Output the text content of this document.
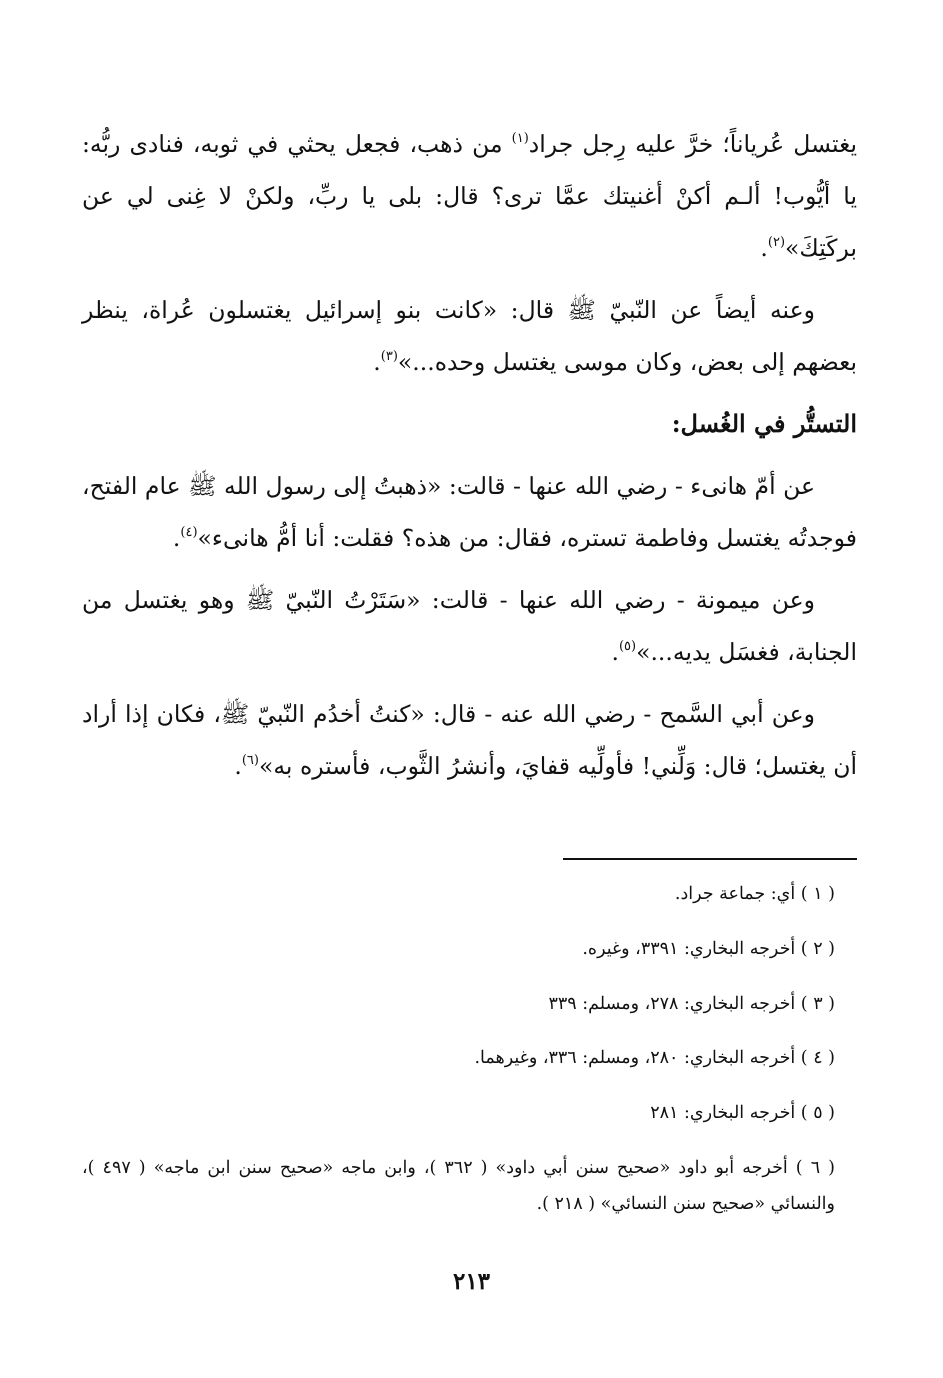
يغتسل عُرياناً؛ خرَّ عليه رِجل جراد$^{(١)}$ من ذهب، فجعل يحثي في ثوبه، فنادى ربُّه: يا أيُّوب! ألـم أكنْ أغنيتك عمَّا ترى؟ قال: بلى يا ربِّ، ولكنْ لا غِنى لي عن بركَتِكَ»$^{(٢)}$.

وعنه أيضاً عن النّبيّ ﷺ قال: «كانت بنو إسرائيل يغتسلون عُراة، ينظر بعضهم إلى بعض، وكان موسى يغتسل وحده...»$^{(٣)}$.

التستُّر في الغُسل:

عن أمّ هانىء - رضي الله عنها - قالت: «ذهبتُ إلى رسول الله ﷺ عام الفتح، فوجدتُه يغتسل وفاطمة تستره، فقال: من هذه؟ فقلت: أنا أمُّ هانىء»$^{(٤)}$.

وعن ميمونة - رضي الله عنها - قالت: «سَتَرْتُ النّبيّ ﷺ وهو يغتسل من الجنابة، فغسَل يديه...»$^{(٥)}$.

وعن أبي السَّمح - رضي الله عنه - قال: «كنتُ أخدُم النّبيّ ﷺ، فكان إذا أراد أن يغتسل؛ قال: وَلِّني! فأولِّيه قفايَ، وأنشرُ الثَّوب، فأستره به»$^{(٦)}$.

( ١ ) أي: جماعة جراد.

( ٢ ) أخرجه البخاري: ٣٣٩١، وغيره.

( ٣ ) أخرجه البخاري: ٢٧٨، ومسلم: ٣٣٩

( ٤ ) أخرجه البخاري: ٢٨٠، ومسلم: ٣٣٦، وغيرهما.

( ٥ ) أخرجه البخاري: ٢٨١

( ٦ ) أخرجه أبو داود «صحيح سنن أبي داود» ( ٣٦٢ )، وابن ماجه «صحيح سنن ابن ماجه» ( ٤٩٧ )، والنسائي «صحيح سنن النسائي» ( ٢١٨ ).

٢١٣
